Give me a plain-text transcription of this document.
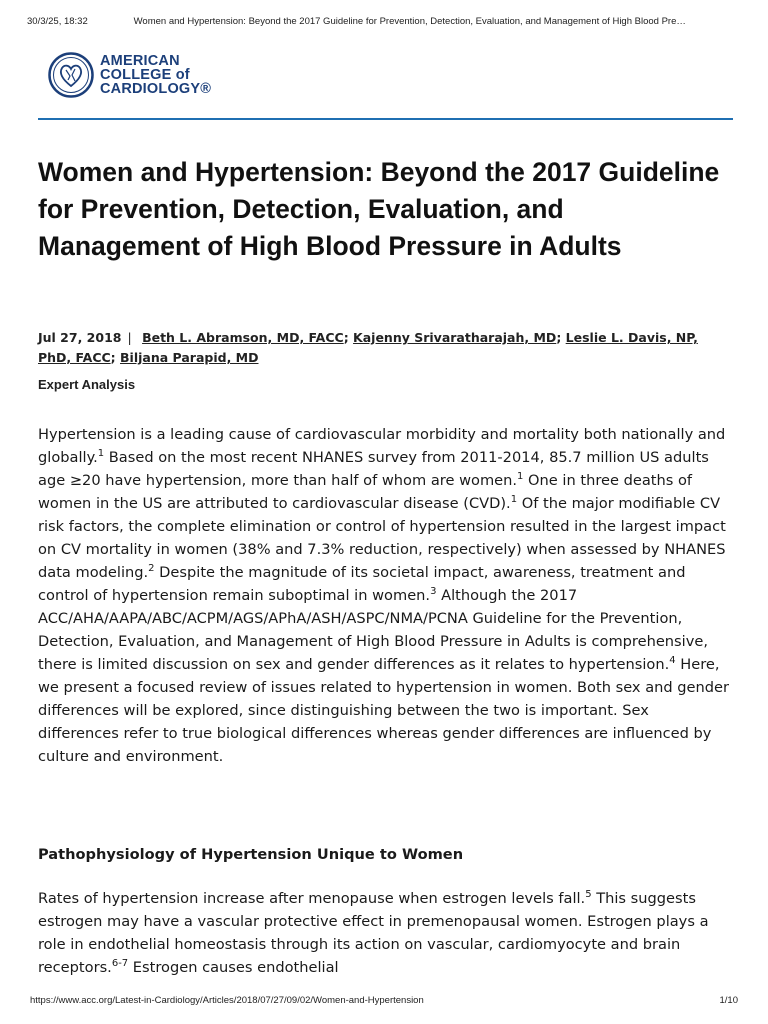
30/3/25, 18:32	Women and Hypertension: Beyond the 2017 Guideline for Prevention, Detection, Evaluation, and Management of High Blood Pre…
AMERICAN
COLLEGE of
CARDIOLOGY®
Women and Hypertension: Beyond the 2017 Guideline for Prevention, Detection, Evaluation, and Management of High Blood Pressure in Adults
Jul 27, 2018 | Beth L. Abramson, MD, FACC; Kajenny Srivaratharajah, MD; Leslie L. Davis, NP, PhD, FACC; Biljana Parapid, MD
Expert Analysis

Hypertension is a leading cause of cardiovascular morbidity and mortality both nationally and globally.$^1$ Based on the most recent NHANES survey from 2011-2014, 85.7 million US adults age ≥20 have hypertension, more than half of whom are women.$^1$ One in three deaths of women in the US are attributed to cardiovascular disease (CVD).$^1$ Of the major modifiable CV risk factors, the complete elimination or control of hypertension resulted in the largest impact on CV mortality in women (38% and 7.3% reduction, respectively) when assessed by NHANES data modeling.$^2$ Despite the magnitude of its societal impact, awareness, treatment and control of hypertension remain suboptimal in women.$^3$ Although the 2017 ACC/AHA/AAPA/ABC/ACPM/AGS/APhA/ASH/ASPC/NMA/PCNA Guideline for the Prevention, Detection, Evaluation, and Management of High Blood Pressure in Adults is comprehensive, there is limited discussion on sex and gender differences as it relates to hypertension.$^4$ Here, we present a focused review of issues related to hypertension in women. Both sex and gender differences will be explored, since distinguishing between the two is important. Sex differences refer to true biological differences whereas gender differences are influenced by culture and environment.

Pathophysiology of Hypertension Unique to Women

Rates of hypertension increase after menopause when estrogen levels fall.$^5$ This suggests estrogen may have a vascular protective effect in premenopausal women. Estrogen plays a role in endothelial homeostasis through its action on vascular, cardiomyocyte and brain receptors.$^{6-7}$ Estrogen causes endothelial

https://www.acc.org/Latest-in-Cardiology/Articles/2018/07/27/09/02/Women-and-Hypertension	1/10
